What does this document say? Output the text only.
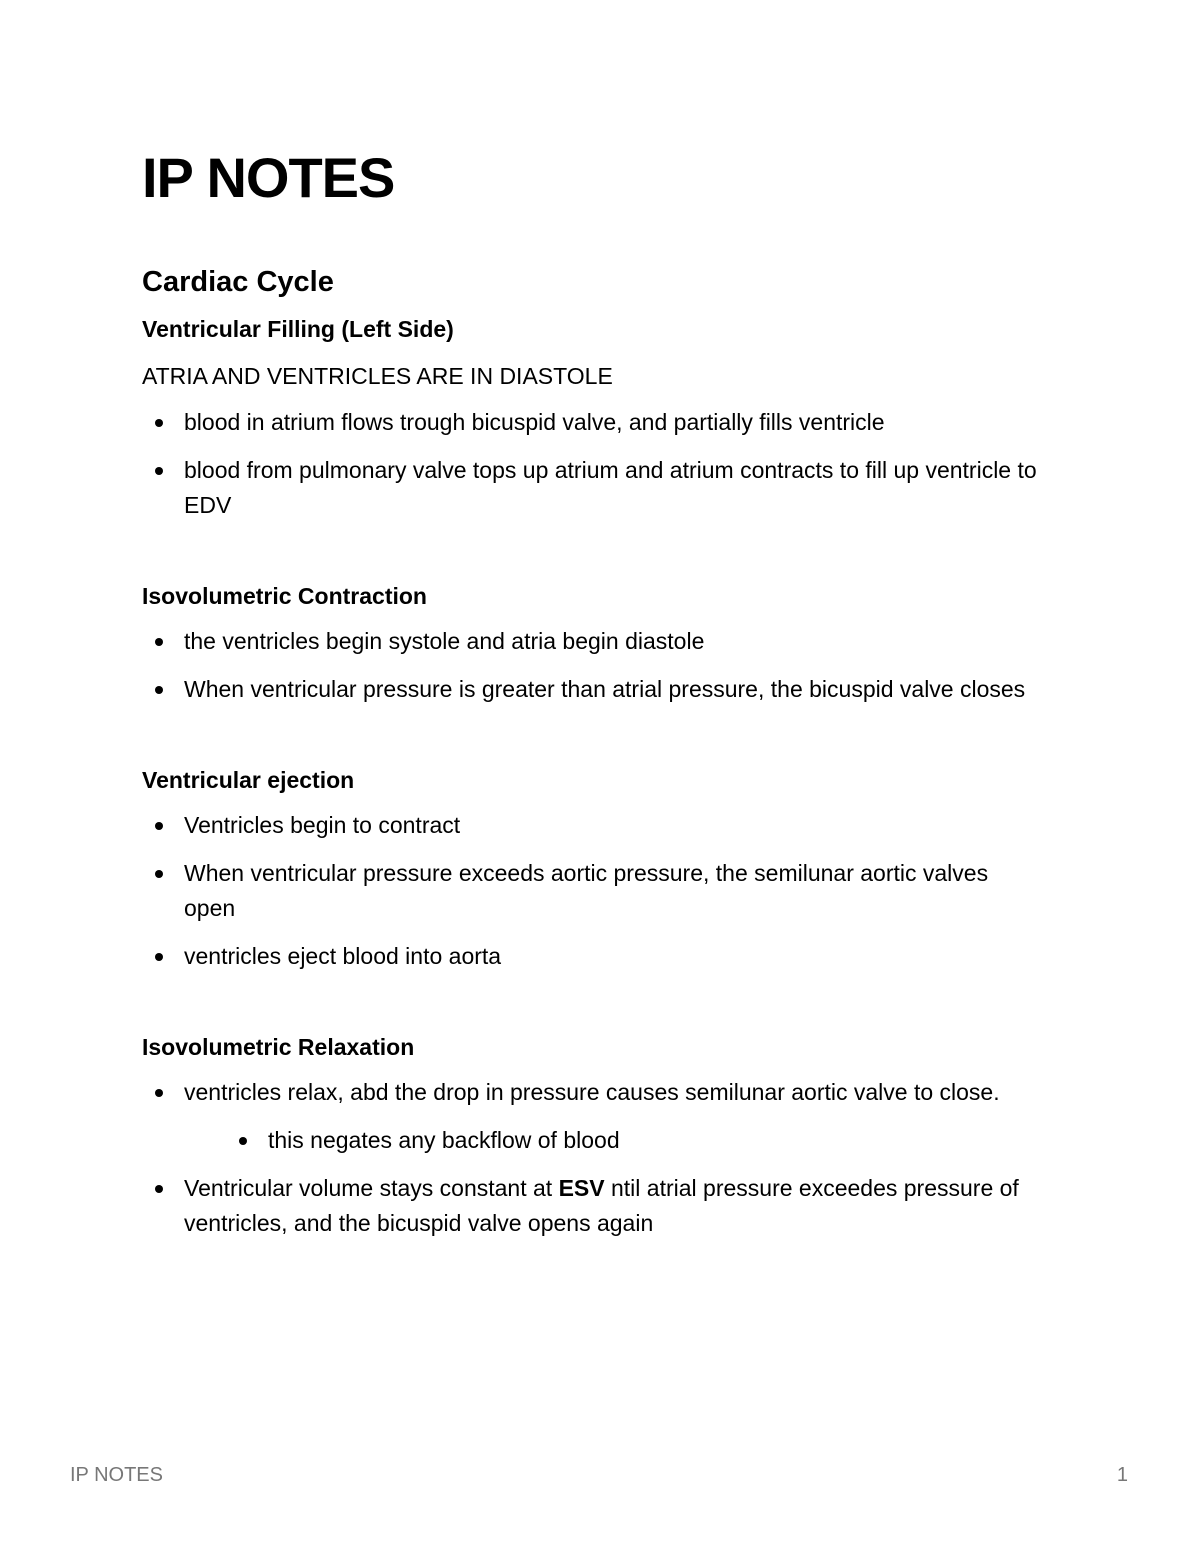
IP NOTES
Cardiac Cycle
Ventricular Filling (Left Side)

ATRIA AND VENTRICLES ARE IN DIASTOLE

blood in atrium flows trough bicuspid valve, and partially fills ventricle
blood from pulmonary valve tops up atrium and atrium contracts to fill up ventricle to EDV
Isovolumetric Contraction
the ventricles begin systole and atria begin diastole
When ventricular pressure is greater than atrial pressure, the bicuspid valve closes
Ventricular ejection
Ventricles begin to contract
When ventricular pressure exceeds aortic pressure, the semilunar aortic valves open
ventricles eject blood into aorta
Isovolumetric Relaxation
ventricles relax, abd the drop in pressure causes semilunar aortic valve to close.
this negates any backflow of blood
Ventricular volume stays constant at ESV ntil atrial pressure exceedes pressure of ventricles, and the bicuspid valve opens again
IP NOTES	1
